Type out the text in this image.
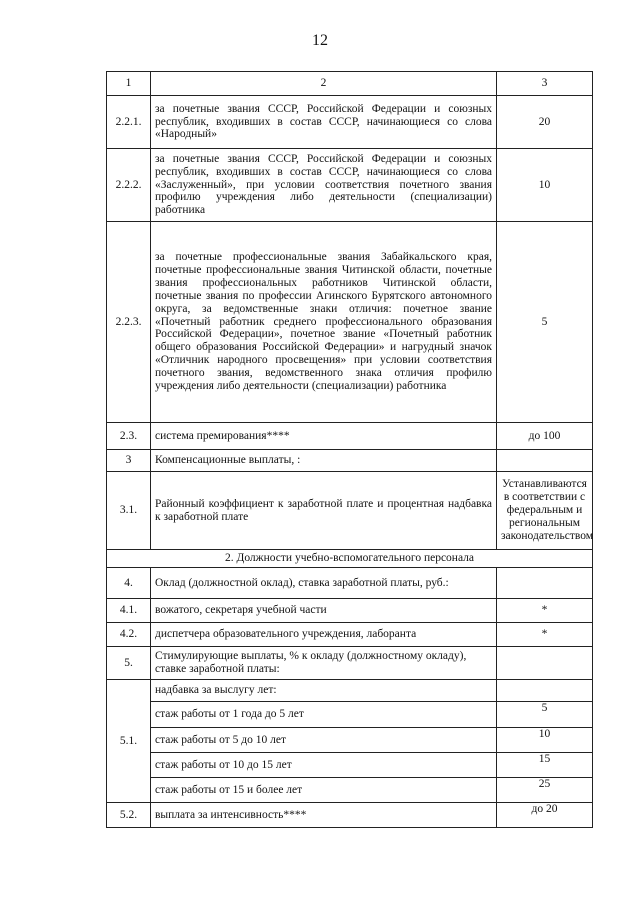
12
1	2	3
2.2.1.	за почетные звания СССР, Российской Федерации и союзных республик, входивших в состав СССР, начинающиеся со слова «Народный»	20
2.2.2.	за почетные звания СССР, Российской Федерации и союзных республик, входивших в состав СССР, начинающиеся со слова «Заслуженный», при условии соответствия почетного звания профилю учреждения либо деятельности (специализации) работника	10
2.2.3.	за почетные профессиональные звания Забайкальского края, почетные профессиональные звания Читинской области, почетные звания профессиональных работников Читинской области, почетные звания по профессии Агинского Бурятского автономного округа, за ведомственные знаки отличия: почетное звание «Почетный работник среднего профессионального образования Российской Федерации», почетное звание «Почетный работник общего образования Российской Федерации» и нагрудный значок «Отличник народного просвещения» при условии соответствия почетного звания, ведомственного знака отличия профилю учреждения либо деятельности (специализации) работника	5
2.3.	система премирования****	до 100
3	Компенсационные выплаты, :	
3.1.	Районный коэффициент к заработной плате и процентная надбавка к заработной плате	Устанавливаются в соответствии с федеральным и региональным законодательством
2. Должности учебно-вспомогательного персонала		
4.	Оклад (должностной оклад), ставка заработной платы, руб.:	
4.1.	вожатого, секретаря учебной части	*
4.2.	диспетчера образовательного учреждения, лаборанта	*
5.	Стимулирующие выплаты, % к окладу (должностному окладу), ставке заработной платы:	
5.1.	надбавка за выслугу лет:	
	стаж работы от 1 года до 5 лет	5
	стаж работы от 5 до 10 лет	10
	стаж работы от 10 до 15 лет	15
	стаж работы от 15 и более лет	25
5.2.	выплата за интенсивность****	до 20
